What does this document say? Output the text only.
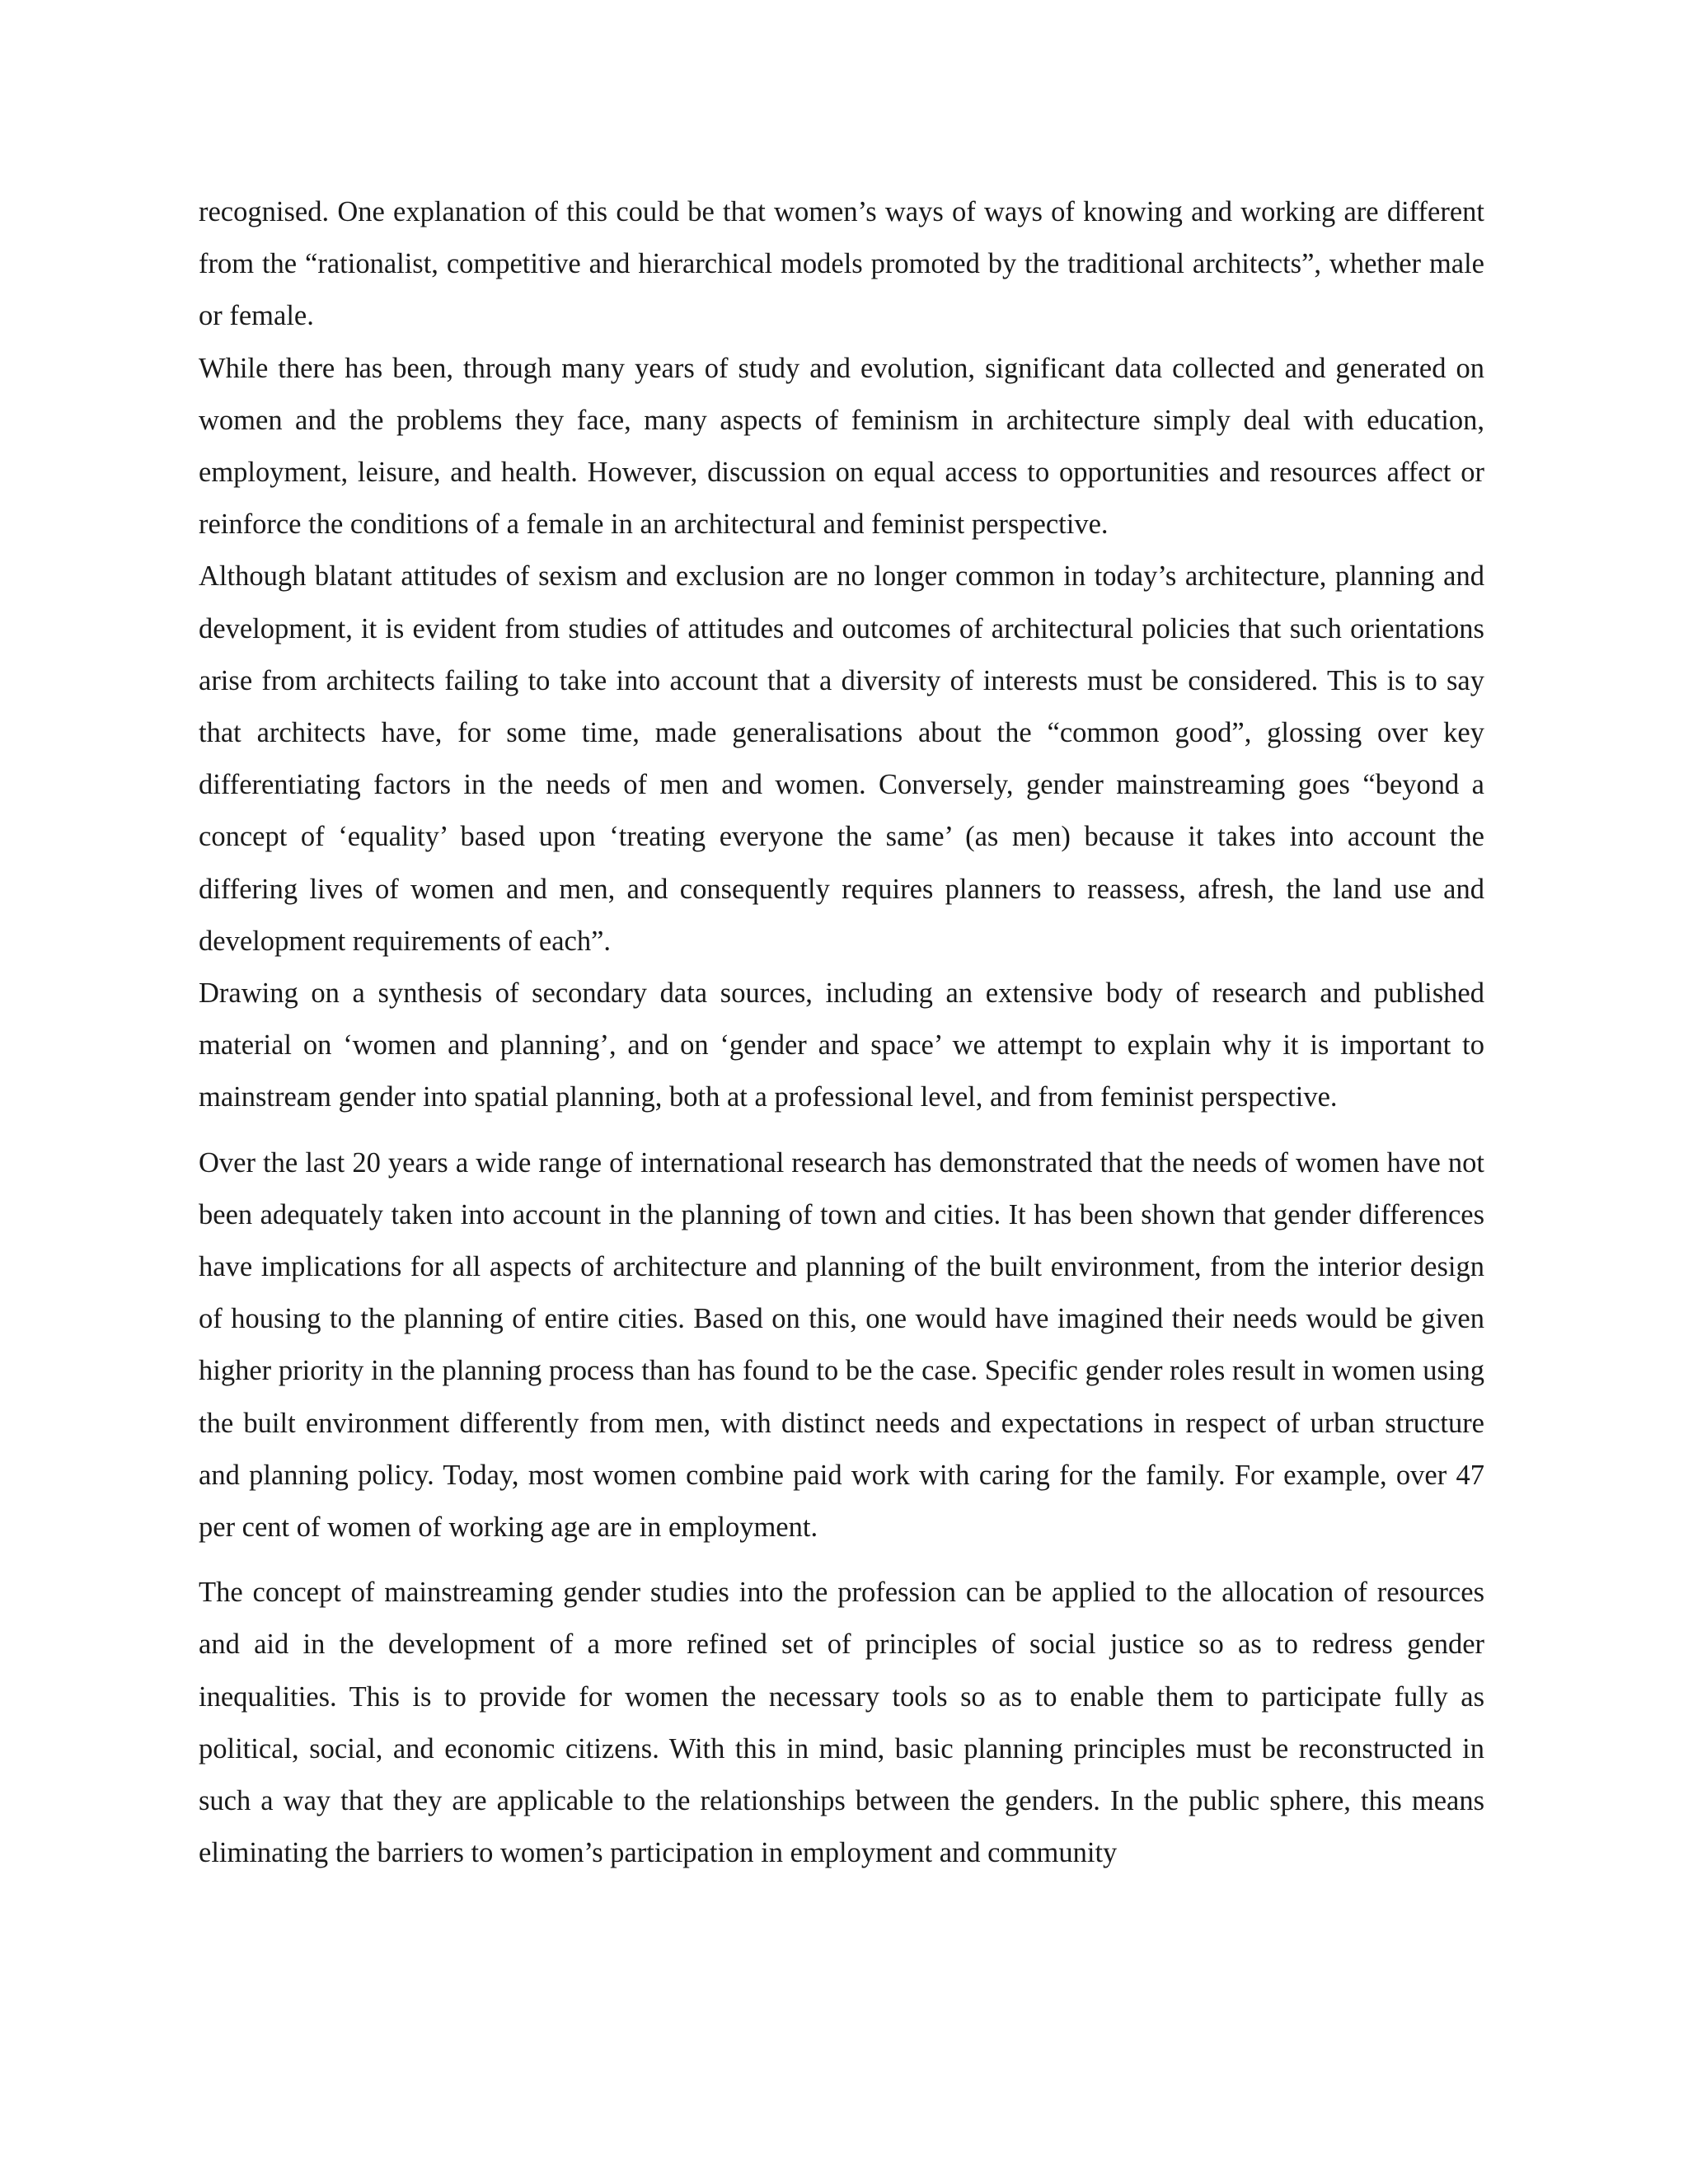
recognised. One explanation of this could be that women’s ways of ways of knowing and working are different from the “rationalist, competitive and hierarchical models promoted by the traditional architects”, whether male or female.

While there has been, through many years of study and evolution, significant data collected and generated on women and the problems they face, many aspects of feminism in architecture simply deal with education, employment, leisure, and health. However, discussion on equal access to opportunities and resources affect or reinforce the conditions of a female in an architectural and feminist perspective.

Although blatant attitudes of sexism and exclusion are no longer common in today’s architecture, planning and development, it is evident from studies of attitudes and outcomes of architectural policies that such orientations arise from architects failing to take into account that a diversity of interests must be considered. This is to say that architects have, for some time, made generalisations about the “common good”, glossing over key differentiating factors in the needs of men and women. Conversely, gender mainstreaming goes “beyond a concept of ‘equality’ based upon ‘treating everyone the same’ (as men) because it takes into account the differing lives of women and men, and consequently requires planners to reassess, afresh, the land use and development requirements of each”.

Drawing on a synthesis of secondary data sources, including an extensive body of research and published material on ‘women and planning’, and on ‘gender and space’ we attempt to explain why it is important to mainstream gender into spatial planning, both at a professional level, and from feminist perspective.

Over the last 20 years a wide range of international research has demonstrated that the needs of women have not been adequately taken into account in the planning of town and cities. It has been shown that gender differences have implications for all aspects of architecture and planning of the built environment, from the interior design of housing to the planning of entire cities. Based on this, one would have imagined their needs would be given higher priority in the planning process than has found to be the case. Specific gender roles result in women using the built environment differently from men, with distinct needs and expectations in respect of urban structure and planning policy. Today, most women combine paid work with caring for the family. For example, over 47 per cent of women of working age are in employment.

The concept of mainstreaming gender studies into the profession can be applied to the allocation of resources and aid in the development of a more refined set of principles of social justice so as to redress gender inequalities. This is to provide for women the necessary tools so as to enable them to participate fully as political, social, and economic citizens. With this in mind, basic planning principles must be reconstructed in such a way that they are applicable to the relationships between the genders. In the public sphere, this means eliminating the barriers to women’s participation in employment and community
